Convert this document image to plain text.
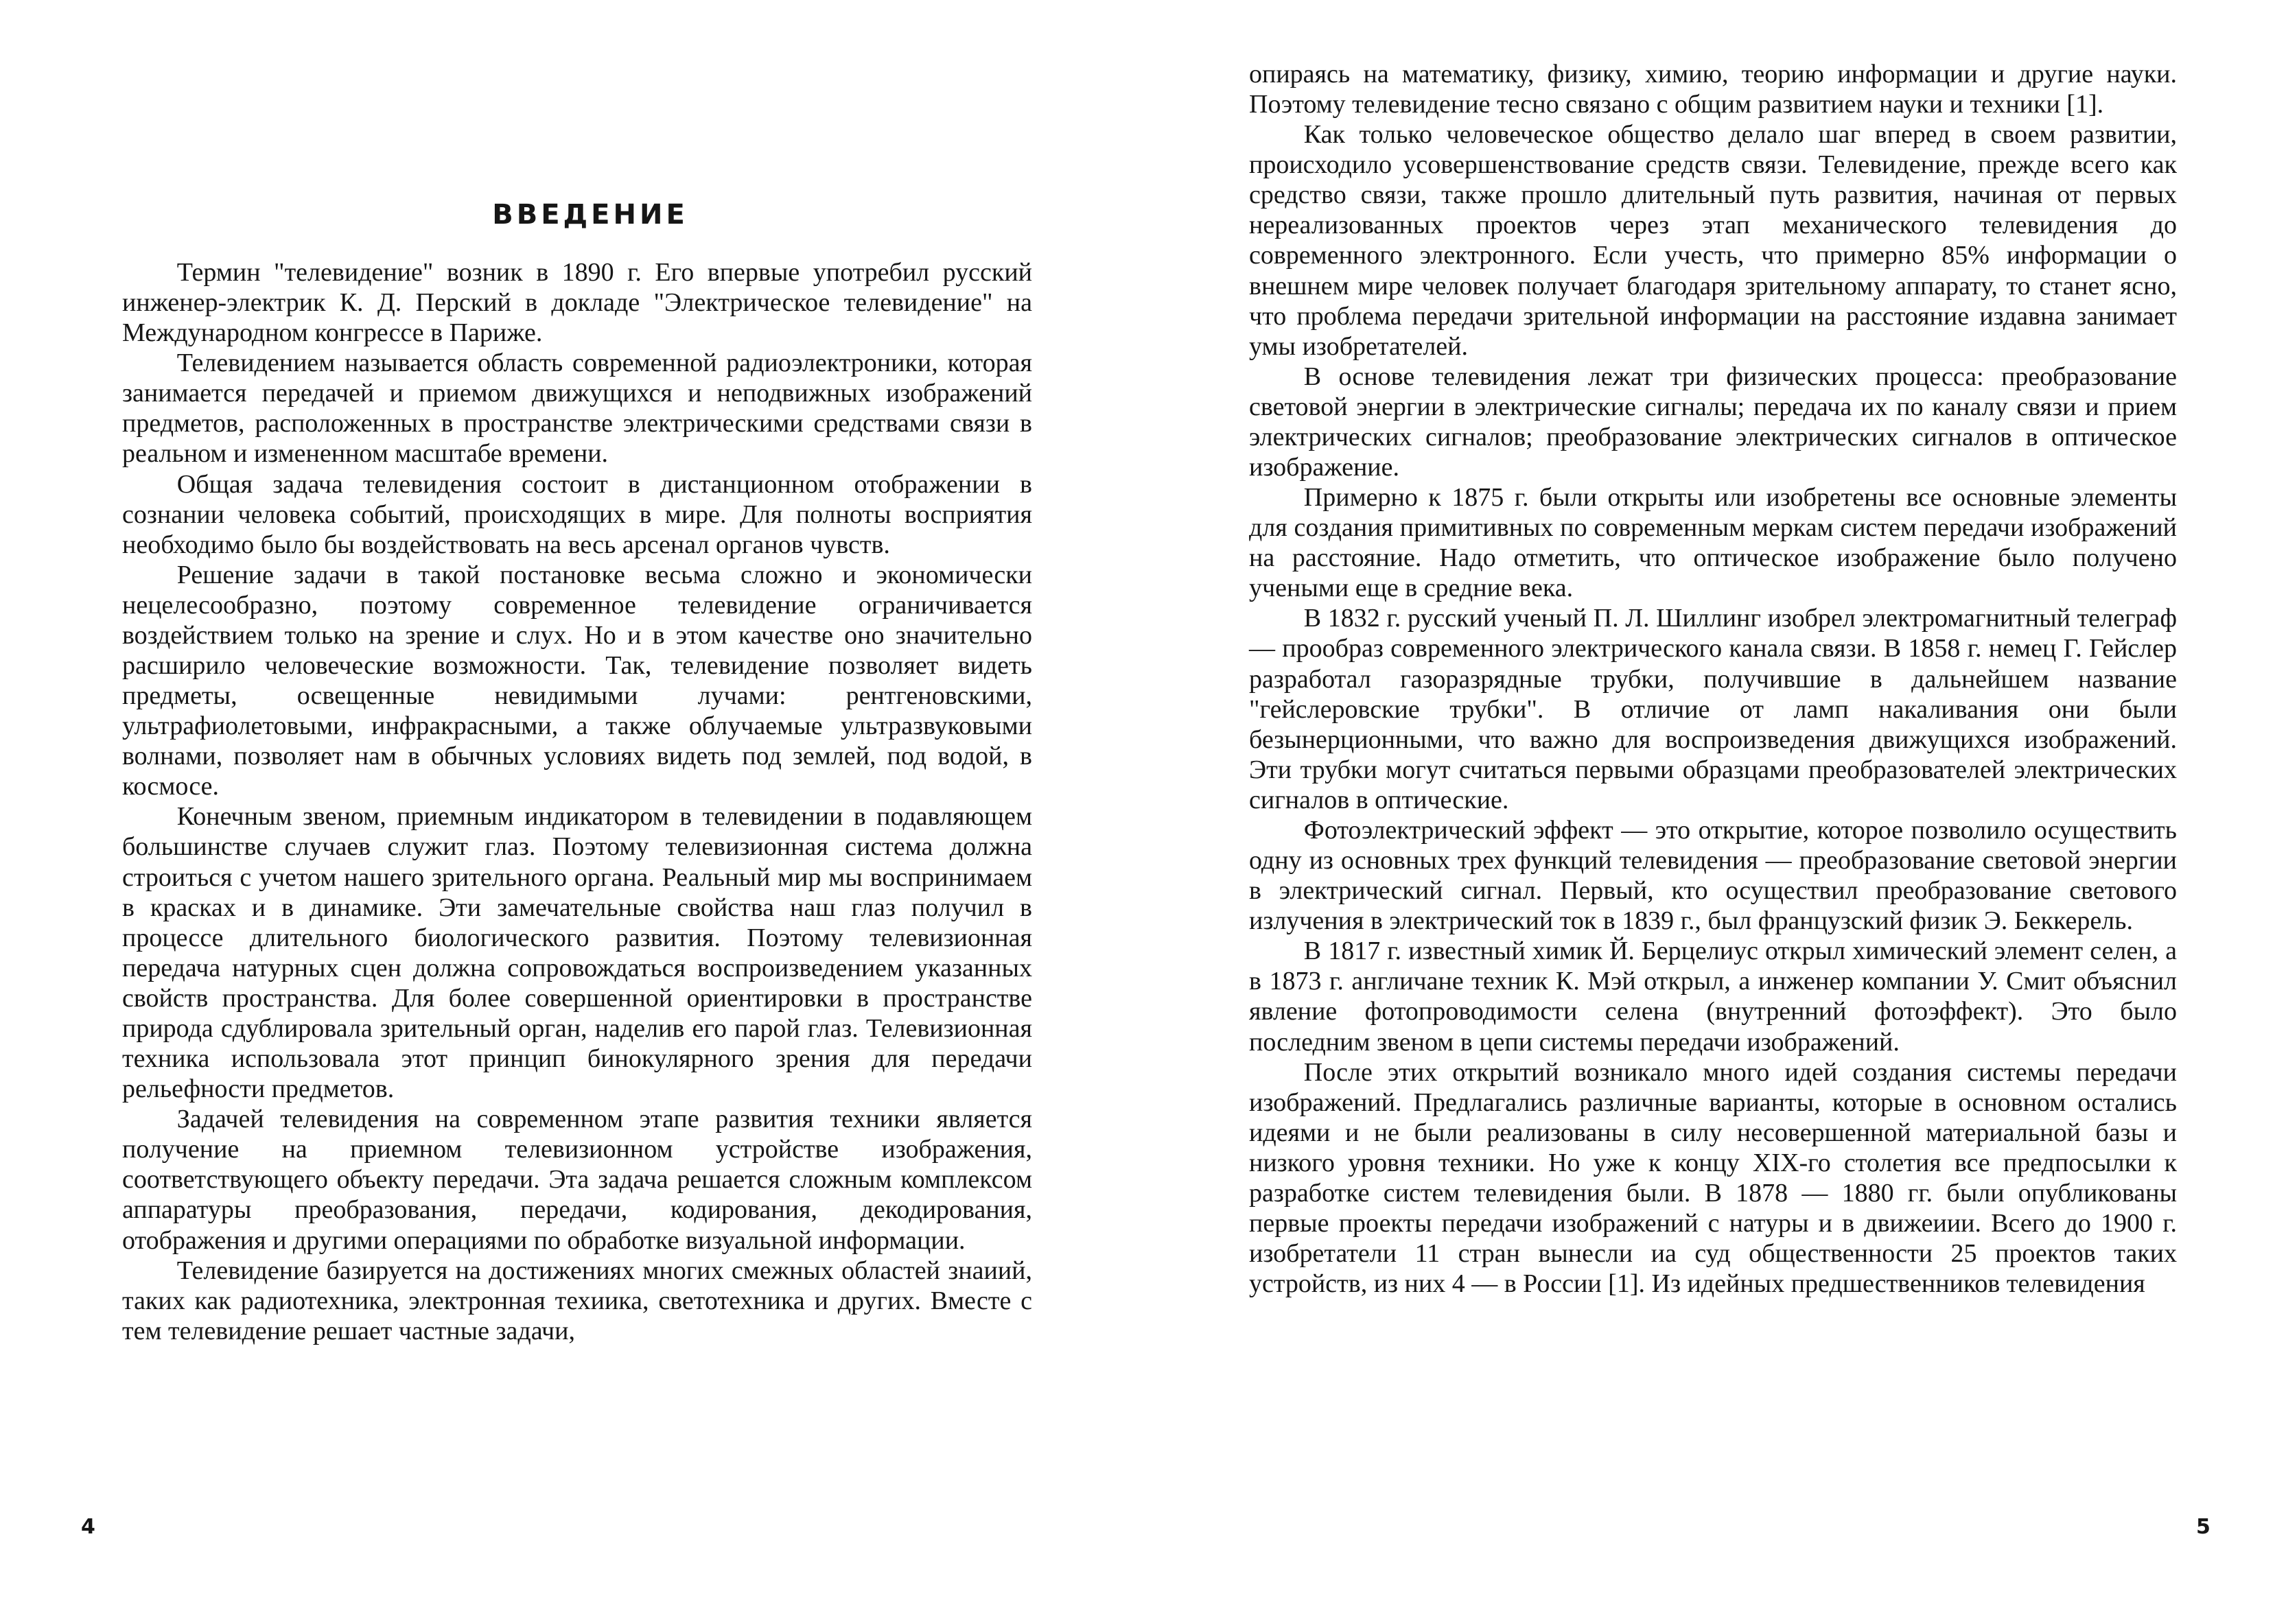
ВВЕДЕНИЕ

Термин "телевидение" возник в 1890 г. Его впервые употребил русский инженер-электрик К. Д. Перский в докладе "Электрическое телевидение" на Международном конгрессе в Париже.

Телевидением называется область современной радиоэлектроники, которая занимается передачей и приемом движущихся и неподвижных изображений предметов, расположенных в пространстве электрическими средствами связи в реальном и измененном масштабе времени.

Общая задача телевидения состоит в дистанционном отображении в сознании человека событий, происходящих в мире. Для полноты восприятия необходимо было бы воздействовать на весь арсенал органов чувств.

Решение задачи в такой постановке весьма сложно и экономически нецелесообразно, поэтому современное телевидение ограничивается воздействием только на зрение и слух. Но и в этом качестве оно значительно расширило человеческие возможности. Так, телевидение позволяет видеть предметы, освещенные невидимыми лучами: рентгеновскими, ультрафиолетовыми, инфракрасными, а также облучаемые ультразвуковыми волнами, позволяет нам в обычных условиях видеть под землей, под водой, в космосе.

Конечным звеном, приемным индикатором в телевидении в подавляющем большинстве случаев служит глаз. Поэтому телевизионная система должна строиться с учетом нашего зрительного органа. Реальный мир мы воспринимаем в красках и в динамике. Эти замечательные свойства наш глаз получил в процессе длительного биологического развития. Поэтому телевизионная передача натурных сцен должна сопровождаться воспроизведением указанных свойств пространства. Для более совершенной ориентировки в пространстве природа сдублировала зрительный орган, наделив его парой глаз. Телевизионная техника использовала этот принцип бинокулярного зрения для передачи рельефности предметов.

Задачей телевидения на современном этапе развития техники является получение на приемном телевизионном устройстве изображения, соответствующего объекту передачи. Эта задача решается сложным комплексом аппаратуры преобразования, передачи, кодирования, декодирования, отображения и другими операциями по обработке визуальной информации.

Телевидение базируется на достижениях многих смежных областей знаиий, таких как радиотехника, электронная техиика, светотехника и других. Вместе с тем телевидение решает частные задачи,

4

опираясь на математику, физику, химию, теорию информации и другие науки. Поэтому телевидение тесно связано с общим развитием науки и техники [1].

Как только человеческое общество делало шаг вперед в своем развитии, происходило усовершенствование средств связи. Телевидение, прежде всего как средство связи, также прошло длительный путь развития, начиная от первых нереализованных проектов через этап механического телевидения до современного электронного. Если учесть, что примерно 85% информации о внешнем мире человек получает благодаря зрительному аппарату, то станет ясно, что проблема передачи зрительной информации на расстояние издавна занимает умы изобретателей.

В основе телевидения лежат три физических процесса: преобразование световой энергии в электрические сигналы; передача их по каналу связи и прием электрических сигналов; преобразование электрических сигналов в оптическое изображение.

Примерно к 1875 г. были открыты или изобретены все основные элементы для создания примитивных по современным меркам систем передачи изображений на расстояние. Надо отметить, что оптическое изображение было получено учеными еще в средние века.

В 1832 г. русский ученый П. Л. Шиллинг изобрел электромагнитный телеграф — прообраз современного электрического канала связи. В 1858 г. немец Г. Гейслер разработал газоразрядные трубки, получившие в дальнейшем название "гейслеровские трубки". В отличие от ламп накаливания они были безынерционными, что важно для воспроизведения движущихся изображений. Эти трубки могут считаться первыми образцами преобразователей электрических сигналов в оптические.

Фотоэлектрический эффект — это открытие, которое позволило осуществить одну из основных трех функций телевидения — преобразование световой энергии в электрический сигнал. Первый, кто осуществил преобразование светового излучения в электрический ток в 1839 г., был французский физик Э. Беккерель.

В 1817 г. известный химик Й. Берцелиус открыл химический элемент селен, а в 1873 г. англичане техник К. Мэй открыл, а инженер компании У. Смит объяснил явление фотопроводимости селена (внутренний фотоэффект). Это было последним звеном в цепи системы передачи изображений.

После этих открытий возникало много идей создания системы передачи изображений. Предлагались различные варианты, которые в основном остались идеями и не были реализованы в силу несовершенной материальной базы и низкого уровня техники. Но уже к концу XIX-го столетия все предпосылки к разработке систем телевидения были. В 1878 — 1880 гг. были опубликованы первые проекты передачи изображений с натуры и в движеиии. Всего до 1900 г. изобретатели 11 стран вынесли иа суд общественности 25 проектов таких устройств, из них 4 — в России [1]. Из идейных предшественников телевидения

5
